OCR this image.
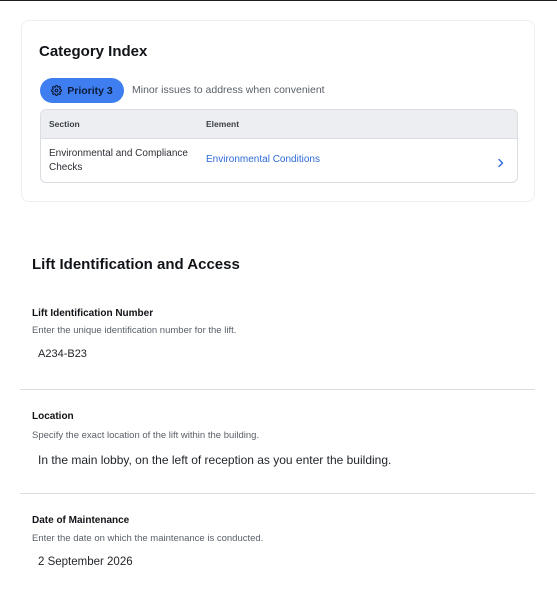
Category Index
Priority 3 Minor issues to address when convenient
Section	Element
Environmental and Compliance Checks
Environmental Conditions
Lift Identification and Access
Lift Identification Number
Enter the unique identification number for the lift.
A234-B23
Location
Specify the exact location of the lift within the building.
In the main lobby, on the left of reception as you enter the building.
Date of Maintenance
Enter the date on which the maintenance is conducted.
2 September 2026
